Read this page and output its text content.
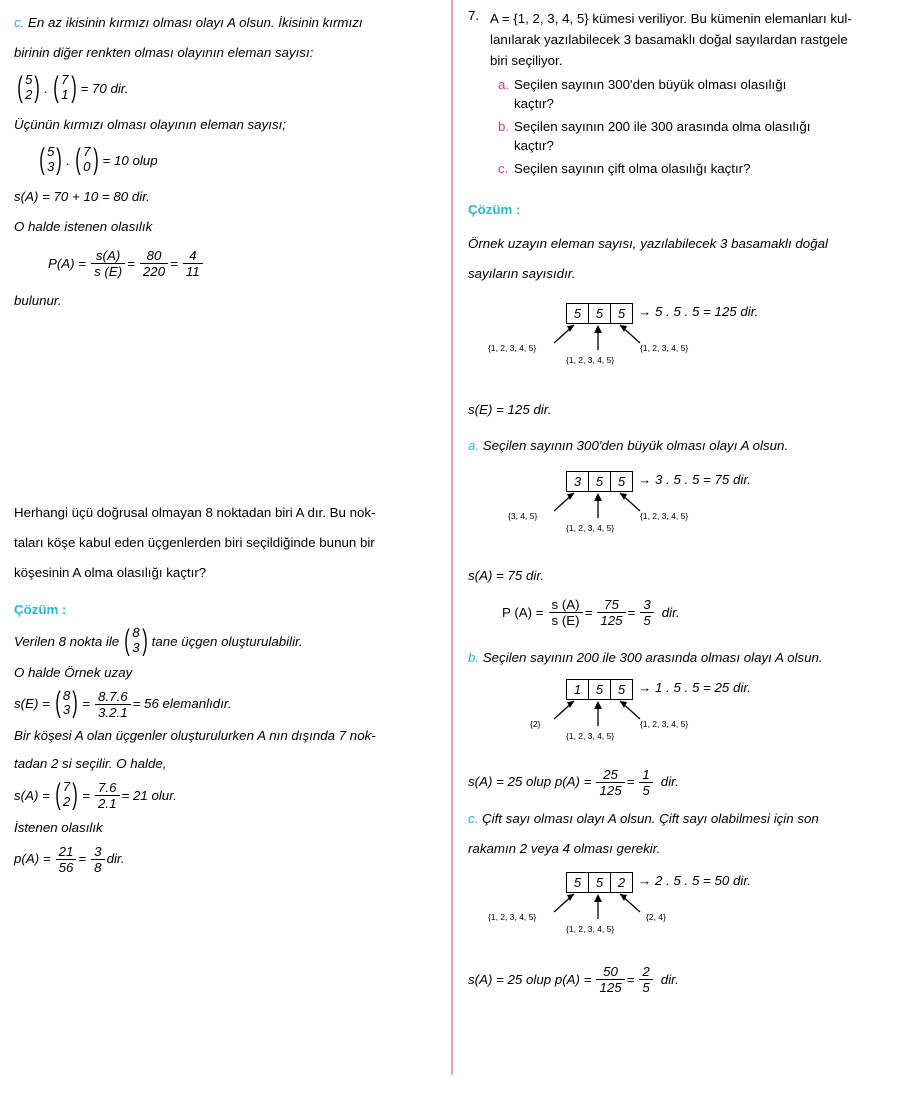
c. En az ikisinin kırmızı olması olayı A olsun. İkisinin kırmızı
birinin diğer renkten olması olayının eleman sayısı:
( 5
2 ) . ( 7
1 ) = 70 dir.
Üçünün kırmızı olması olayının eleman sayısı;
( 5
3 ) . ( 7
0 ) = 10 olup
s(A) = 70 + 10 = 80 dir.
O halde istenen olasılık
$P(A) = \frac{s(A)}{s (E)} = \frac{80}{220} = \frac{4}{11}$
bulunur.
Herhangi üçü doğrusal olmayan 8 noktadan biri A dır. Bu nok-
taları köşe kabul eden üçgenlerden biri seçildiğinde bunun bir
köşesinin A olma olasılığı kaçtır?
Çözüm :
Verilen 8 nokta ile ( 8
3 ) tane üçgen oluşturulabilir.
O halde Örnek uzay
s(E) = ( 8
3 ) = $\frac{8.7.6}{3.2.1} = 56$ elemanlıdır.
Bir köşesi A olan üçgenler oluşturulurken A nın dışında 7 nok-
tadan 2 si seçilir. O halde,
s(A) = ( 7
2 ) = $\frac{7.6}{2.1} = 21$ olur.
İstenen olasılık
$p(A) = \frac{21}{56} = \frac{3}{8}$ dir.
7. A = {1, 2, 3, 4, 5} kümesi veriliyor. Bu kümenin elemanları kul-
lanılarak yazılabilecek 3 basamaklı doğal sayılardan rastgele
biri seçiliyor.
a. Seçilen sayının 300'den büyük olması olasılığı
kaçtır?
b. Seçilen sayının 200 ile 300 arasında olma olasılığı
kaçtır?
c. Seçilen sayının çift olma olasılığı kaçtır?
Çözüm :
Örnek uzayın eleman sayısı, yazılabilecek 3 basamaklı doğal
sayıların sayısıdır.
5	5	5 → 5 . 5 . 5 = 125 dir.
{1, 2, 3, 4, 5}
{1, 2, 3, 4, 5}
{1, 2, 3, 4, 5}
s(E) = 125 dir.
a. Seçilen sayının 300'den büyük olması olayı A olsun.
3	5	5 → 3 . 5 . 5 = 75 dir.
{3, 4, 5}
{1, 2, 3, 4, 5}
{1, 2, 3, 4, 5}
s(A) = 75 dir.
P $(A) = \frac{s (A)}{s (E)} = \frac{75}{125} = \frac{3}{5}$ dir.
b. Seçilen sayının 200 ile 300 arasında olması olayı A olsun.
1	5	5 → 1 . 5 . 5 = 25 dir.
{2}
{1, 2, 3, 4, 5}
{1, 2, 3, 4, 5}
s(A) = 25 olup $p(A) = \frac{25}{125} = \frac{1}{5}$ dir.
c. Çift sayı olması olayı A olsun. Çift sayı olabilmesi için son
rakamın 2 veya 4 olması gerekir.
5	5	2 → 2 . 5 . 5 = 50 dir.
{1, 2, 3, 4, 5}
{1, 2, 3, 4, 5}
{2, 4}
s(A) = 25 olup $p(A) = \frac{50}{125} = \frac{2}{5}$ dir.
